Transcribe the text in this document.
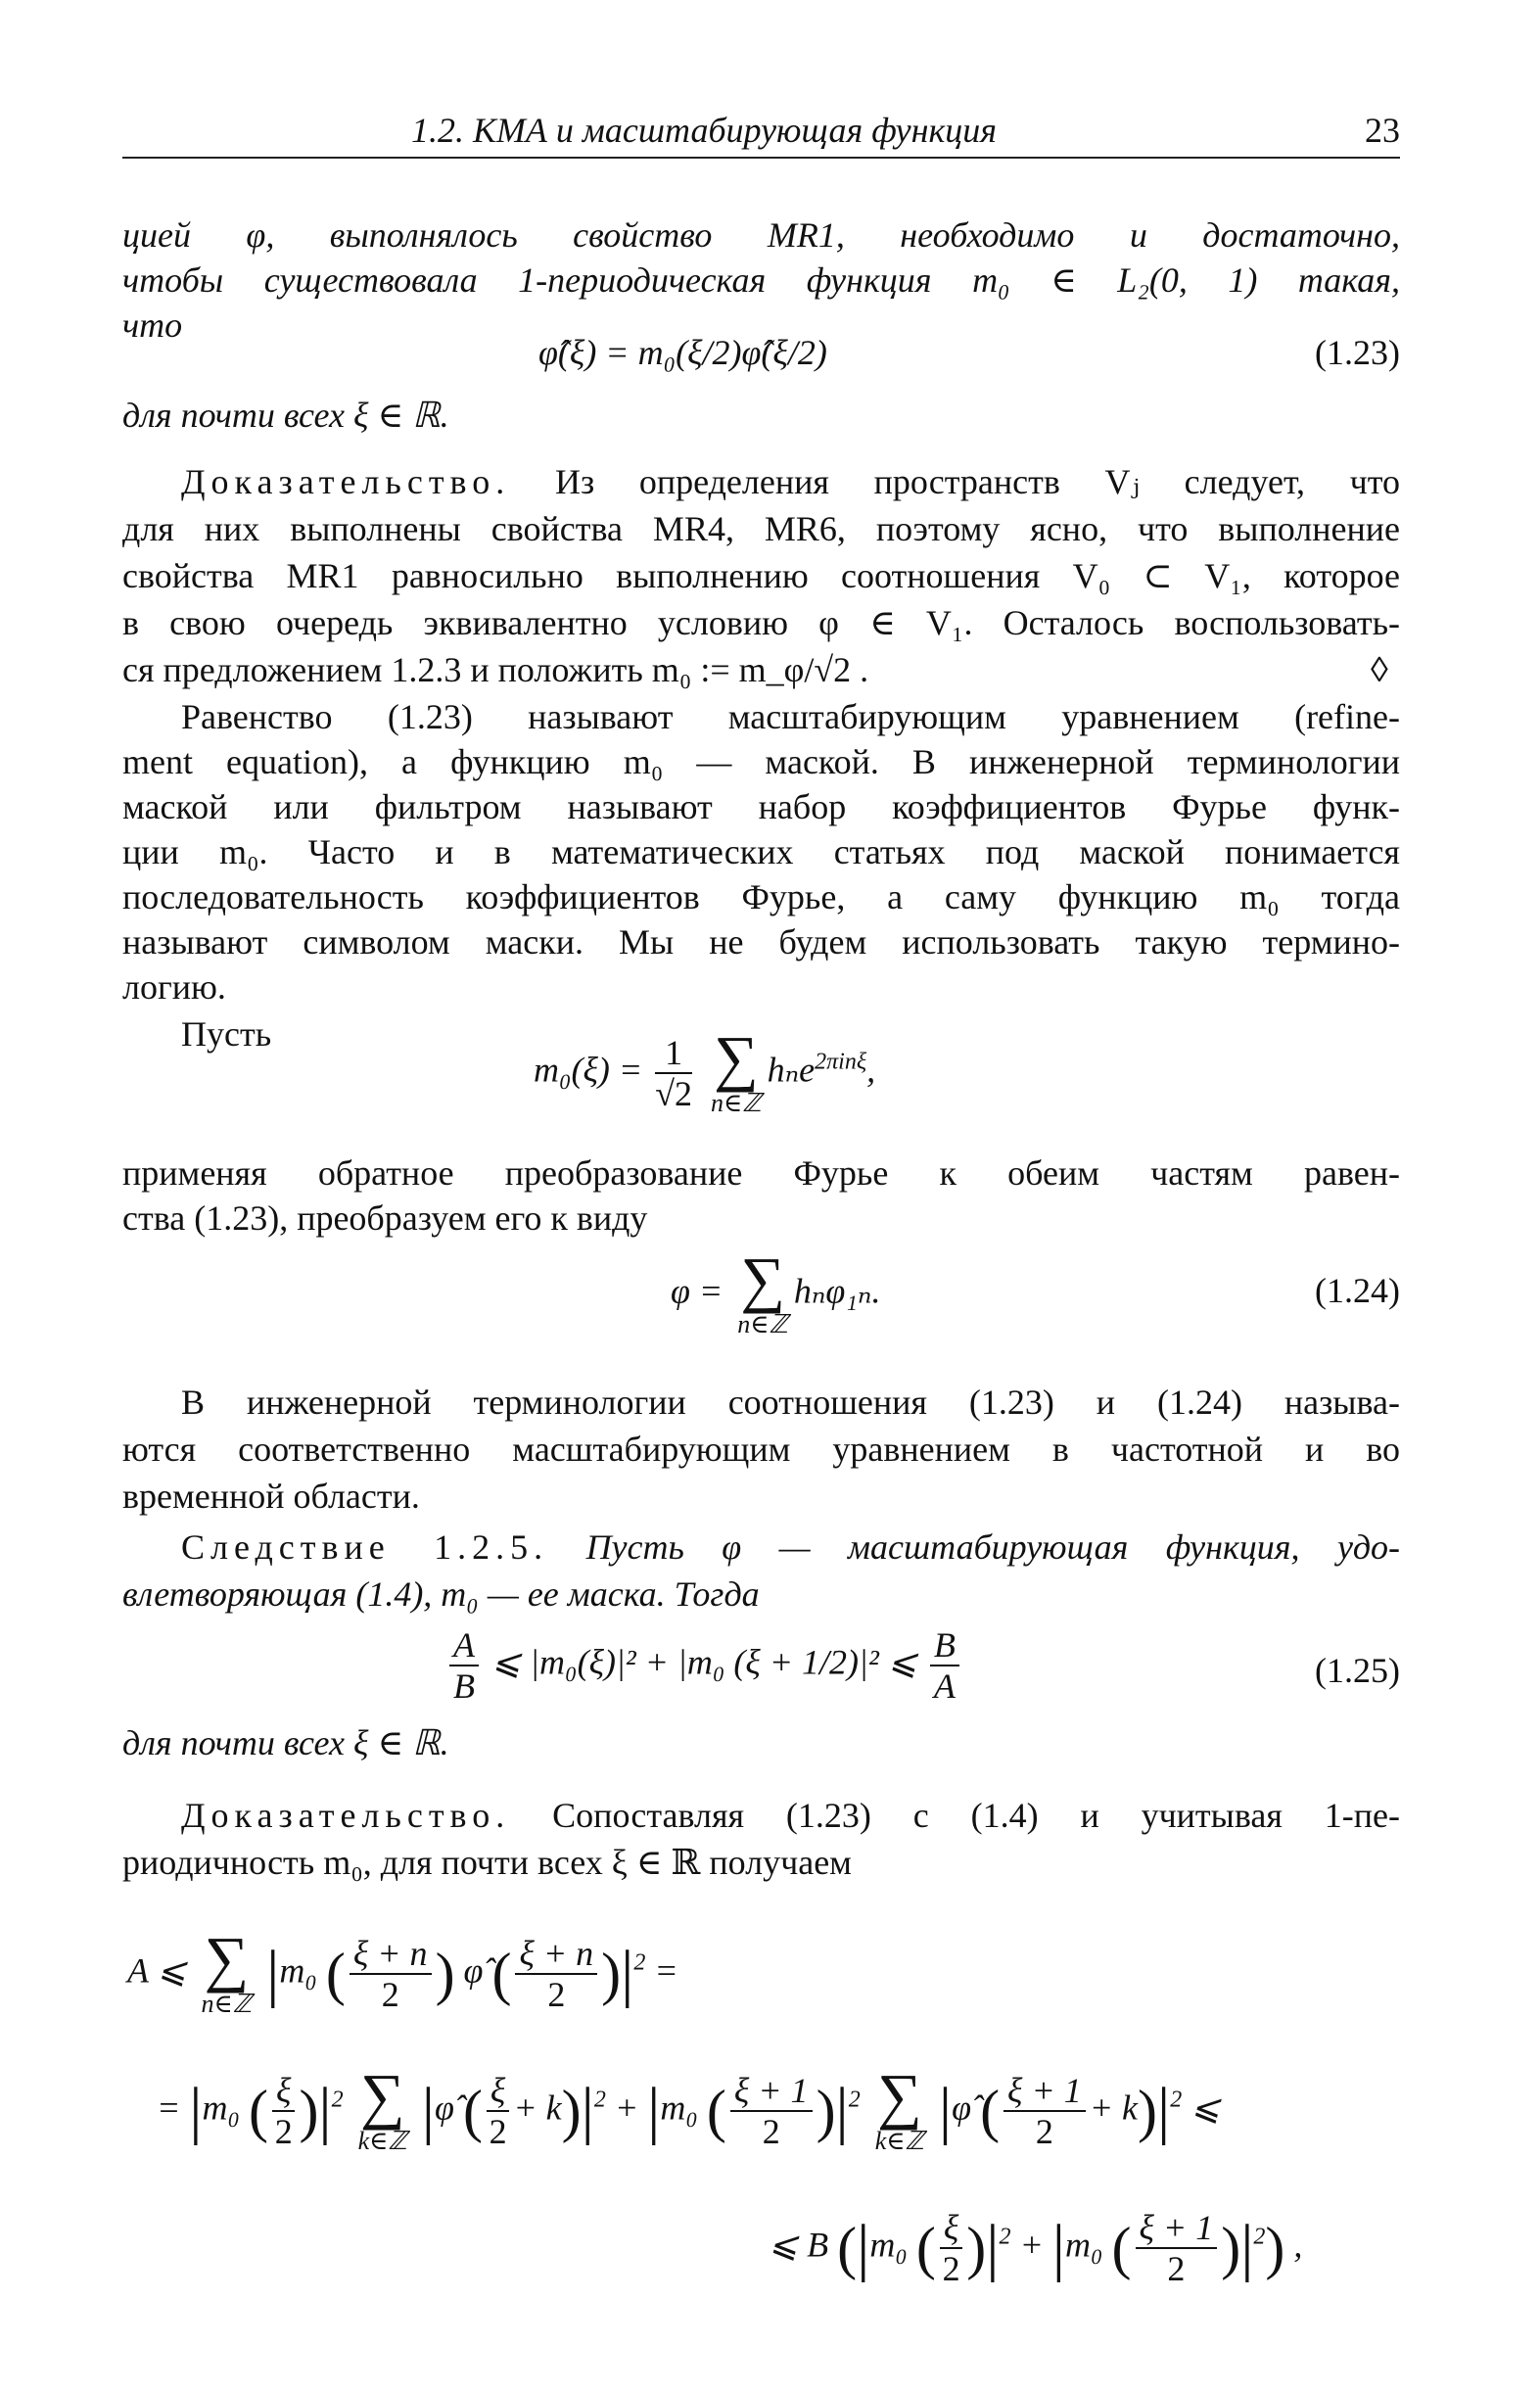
1.2. КМА и масштабирующая функция	23
цией φ, выполнялось свойство MR1, необходимо и достаточно,
чтобы существовала 1-периодическая функция m₀ ∈ L₂(0, 1) такая,
что
φ̂(ξ) = m₀(ξ/2)φ̂(ξ/2)	(1.23)
для почти всех ξ ∈ ℝ.
Доказательство. Из определения пространств Vⱼ следует, что
для них выполнены свойства MR4, MR6, поэтому ясно, что выполнение
свойства MR1 равносильно выполнению соотношения V₀ ⊂ V₁, которое
в свою очередь эквивалентно условию φ ∈ V₁. Осталось воспользовать-
ся предложением 1.2.3 и положить m₀ := m_φ/√2 .	◊
Равенство (1.23) называют масштабирующим уравнением (refine-
ment equation), а функцию m₀ — маской. В инженерной терминологии
маской или фильтром называют набор коэффициентов Фурье функ-
ции m₀. Часто и в математических статьях под маской понимается
последовательность коэффициентов Фурье, а саму функцию m₀ тогда
называют символом маски. Мы не будем использовать такую термино-
логию.
Пусть
$m_0(\xi) = \frac{1}{√2}$
∑
n∈ℤ
hₙe$^{2\pi in\xi}$,
применяя обратное преобразование Фурье к обеим частям равен-
ства (1.23), преобразуем его к виду
φ = ∑
n∈ℤ
hₙφ₁ₙ.	(1.24)
В инженерной терминологии соотношения (1.23) и (1.24) называ-
ются соответственно масштабирующим уравнением в частотной и во
временной области.
Следствие 1.2.5. Пусть φ — масштабирующая функция, удо-
влетворяющая (1.4), m₀ — ее маска. Тогда
$\frac{A}{B}$ ⩽ |m₀(ξ)|² + |m₀ (ξ + 1/2)|² ⩽ $\frac{B}{A}$	(1.25)
для почти всех ξ ∈ ℝ.
Доказательство. Сопоставляя (1.23) с (1.4) и учитывая 1-пе-
риодичность m₀, для почти всех ξ ∈ ℝ получаем
A ⩽ ∑
n∈ℤ |m₀ ( $\frac{\xi + n}{2}$ ) φ̂ ( $\frac{\xi + n}{2} )|^2$ =
= |m₀ ( $\frac{\xi}{2} )|^2$ ∑
k∈ℤ |φ̂ ( $\frac{\xi}{2} + k)|^2 + |m_0$ ( $\frac{\xi + 1}{2} )|^2$ ∑
k∈ℤ |φ̂ ( $\frac{\xi + 1}{2} + k)|^2$ ⩽
⩽ B (|m₀ ( $\frac{\xi}{2} )|^2 + |m_0$ ( $\frac{\xi + 1}{2} )|^2$) ,
